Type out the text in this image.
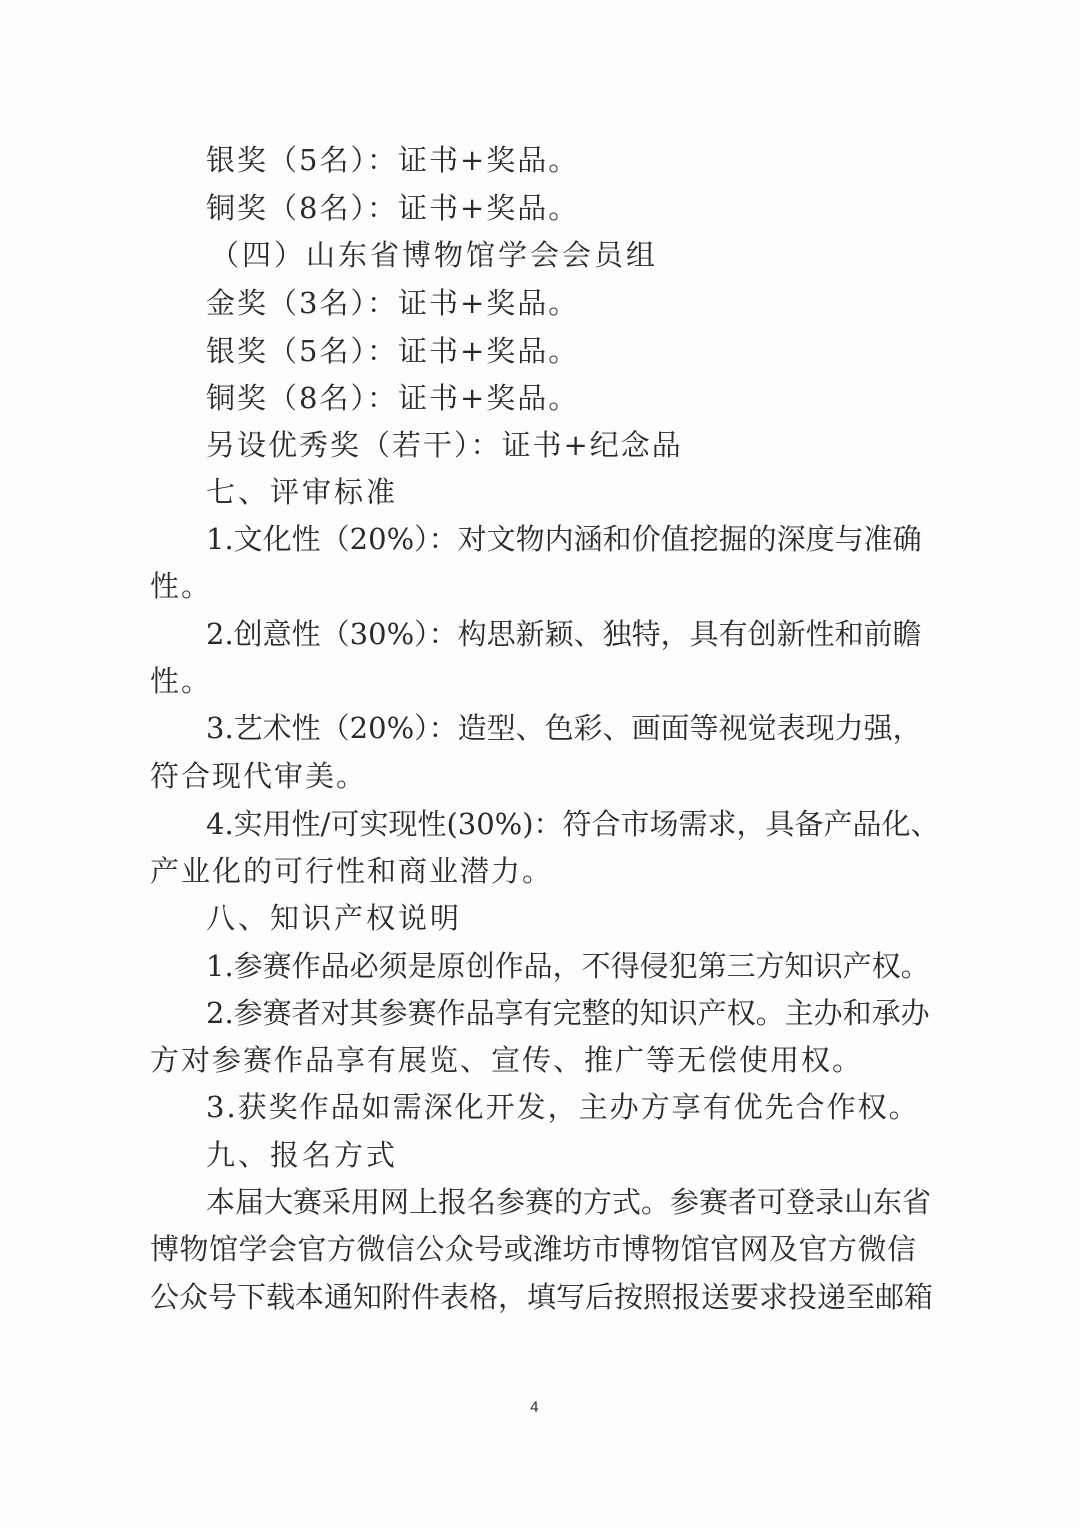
银奖（5名）：证书+奖品。
铜奖（8名）：证书+奖品。
（四）山东省博物馆学会会员组
金奖（3名）：证书+奖品。
银奖（5名）：证书+奖品。
铜奖（8名）：证书+奖品。
另设优秀奖（若干）：证书+纪念品
七、评审标准
1.文化性（20%）：对文物内涵和价值挖掘的深度与准确
性。
2.创意性（30%）：构思新颖、独特，具有创新性和前瞻
性。
3.艺术性（20%）：造型、色彩、画面等视觉表现力强，
符合现代审美。
4.实用性/可实现性(30%)：符合市场需求，具备产品化、
产业化的可行性和商业潜力。
八、知识产权说明
1.参赛作品必须是原创作品，不得侵犯第三方知识产权。
2.参赛者对其参赛作品享有完整的知识产权。主办和承办
方对参赛作品享有展览、宣传、推广等无偿使用权。
3.获奖作品如需深化开发，主办方享有优先合作权。
九、报名方式
本届大赛采用网上报名参赛的方式。参赛者可登录山东省
博物馆学会官方微信公众号或潍坊市博物馆官网及官方微信
公众号下载本通知附件表格，填写后按照报送要求投递至邮箱
4
